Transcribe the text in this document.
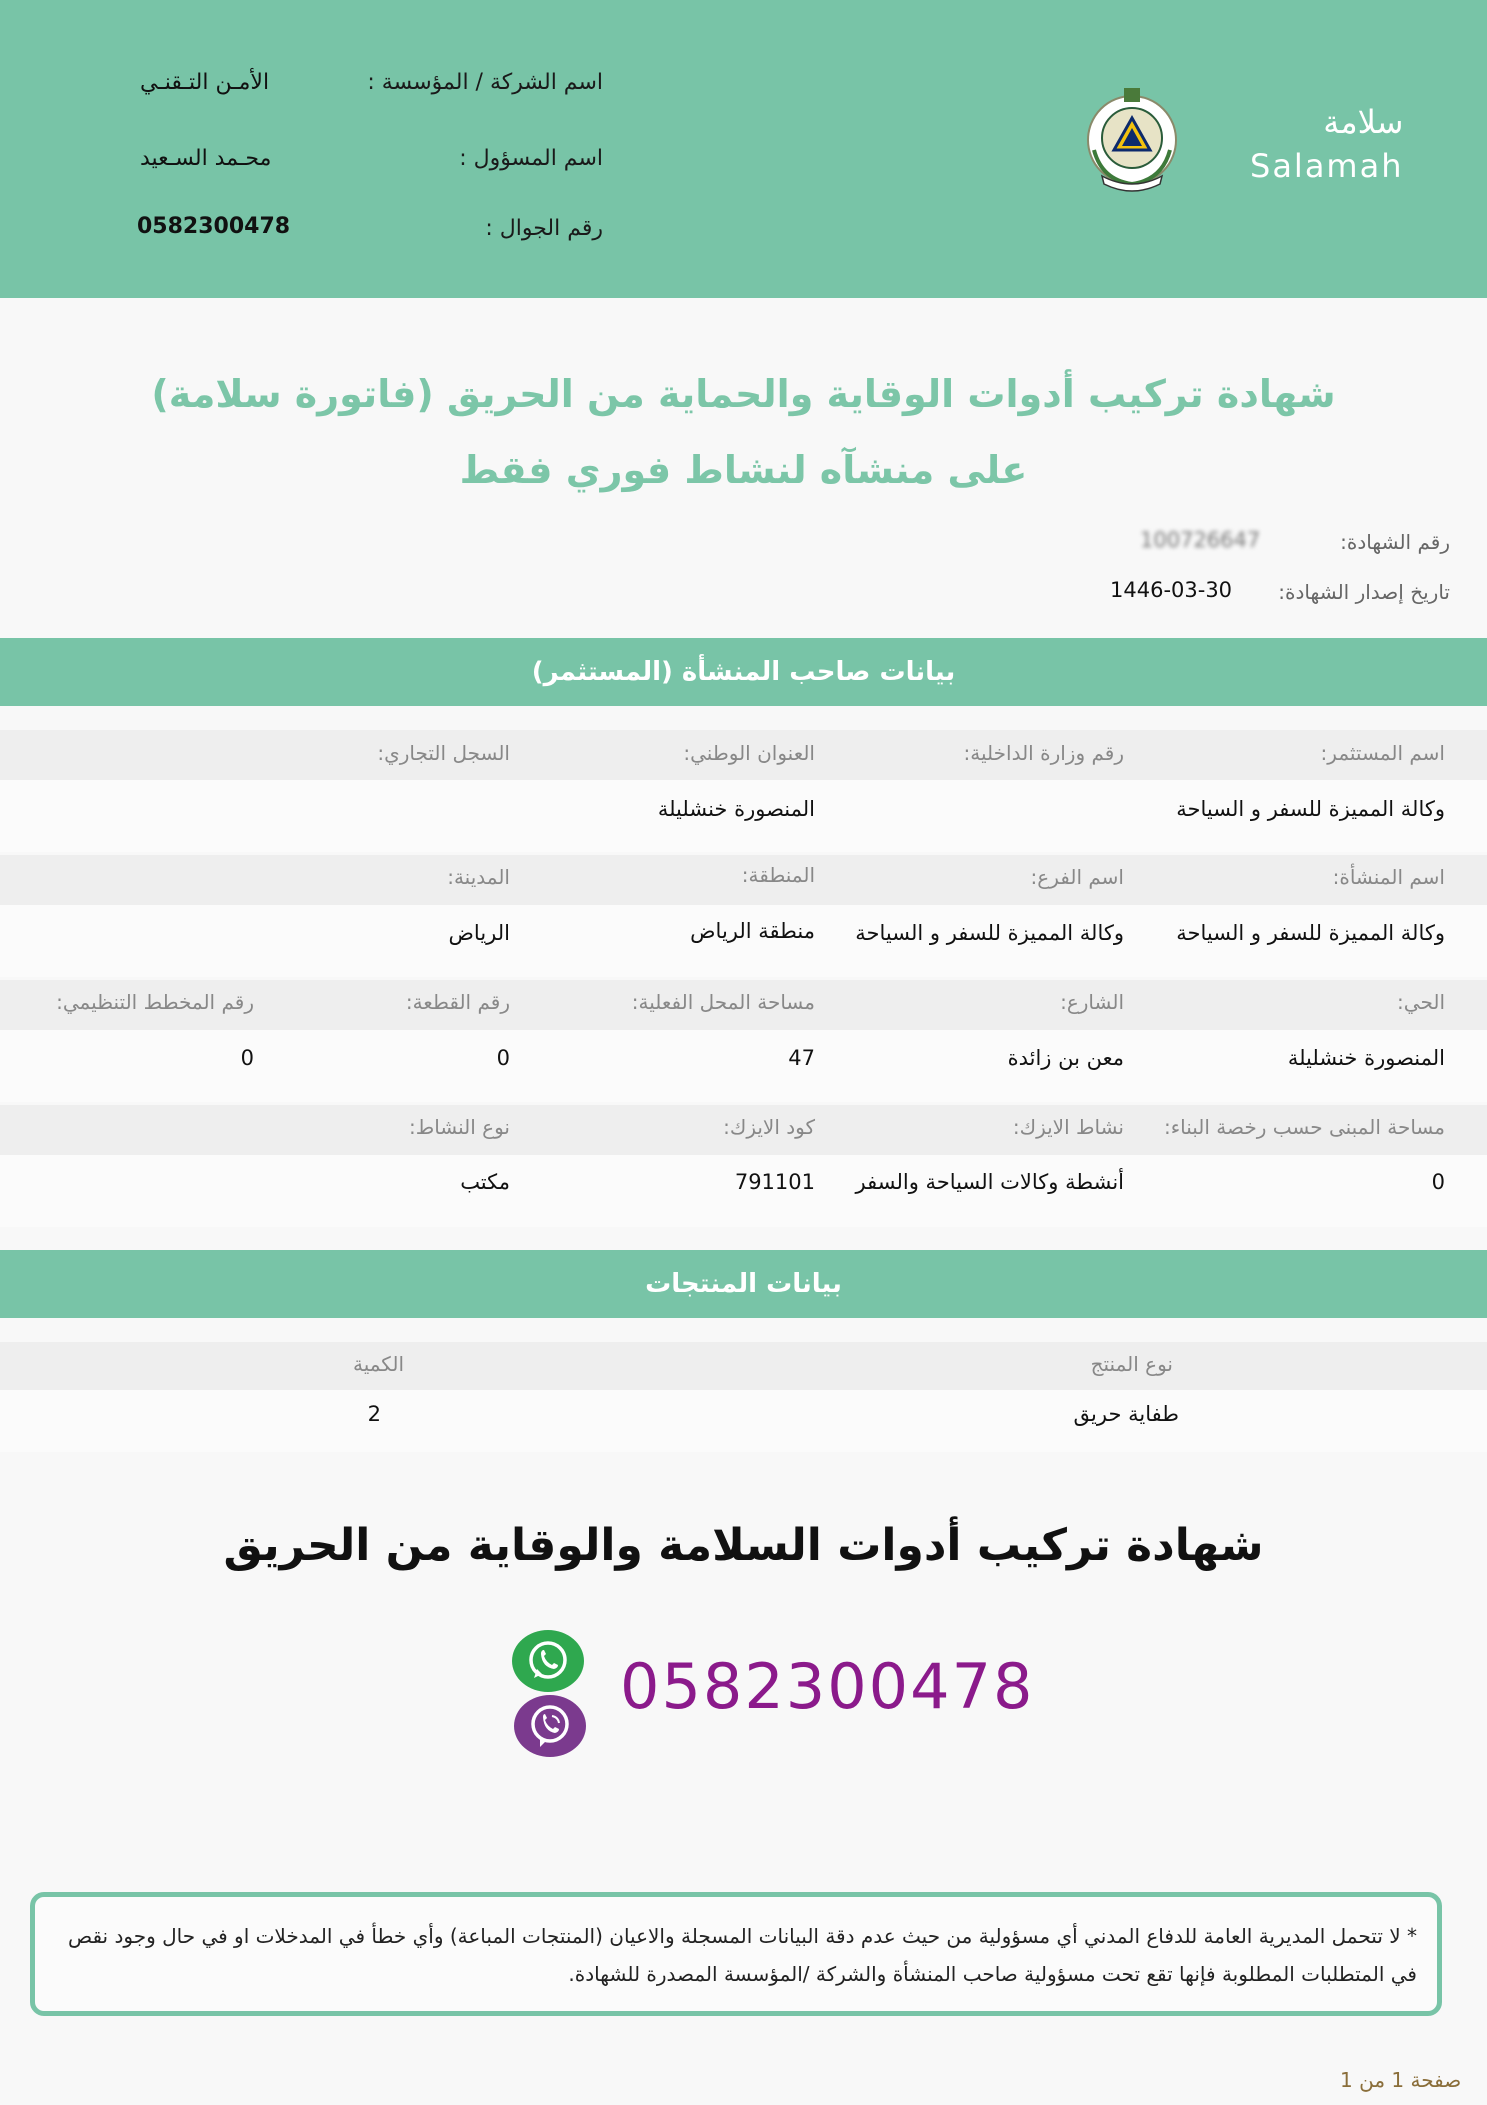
اسم الشركة / المؤسسة :
الأمـن التـقنـي
اسم المسؤول :
محـمد السـعيد
رقم الجوال :
0582300478
سلامة
Salamah
شهادة تركيب أدوات الوقاية والحماية من الحريق (فاتورة سلامة)
على منشآه لنشاط فوري فقط
رقم الشهادة:
100726647
تاريخ إصدار الشهادة:
1446-03-30
بيانات صاحب المنشأة (المستثمر)
اسم المستثمر:
رقم وزارة الداخلية:
العنوان الوطني:
السجل التجاري:
وكالة المميزة للسفر و السياحة
المنصورة خنشليلة
اسم المنشأة:
اسم الفرع:
المنطقة:
المدينة:
وكالة المميزة للسفر و السياحة
وكالة المميزة للسفر و السياحة
منطقة الرياض
الرياض
الحي:
الشارع:
مساحة المحل الفعلية:
رقم القطعة:
رقم المخطط التنظيمي:
المنصورة خنشليلة
معن بن زائدة
47
0
0
مساحة المبنى حسب رخصة البناء:
نشاط الايزك:
كود الايزك:
نوع النشاط:
0
أنشطة وكالات السياحة والسفر
791101
مكتب
بيانات المنتجات
نوع المنتج
الكمية
طفاية حريق
2
شهادة تركيب أدوات السلامة والوقاية من الحريق
0582300478
* لا تتحمل المديرية العامة للدفاع المدني أي مسؤولية من حيث عدم دقة البيانات المسجلة والاعيان (المنتجات المباعة) وأي خطأ في المدخلات او في حال وجود نقص في المتطلبات المطلوبة فإنها تقع تحت مسؤولية صاحب المنشأة والشركة /المؤسسة المصدرة للشهادة.
صفحة 1 من 1
